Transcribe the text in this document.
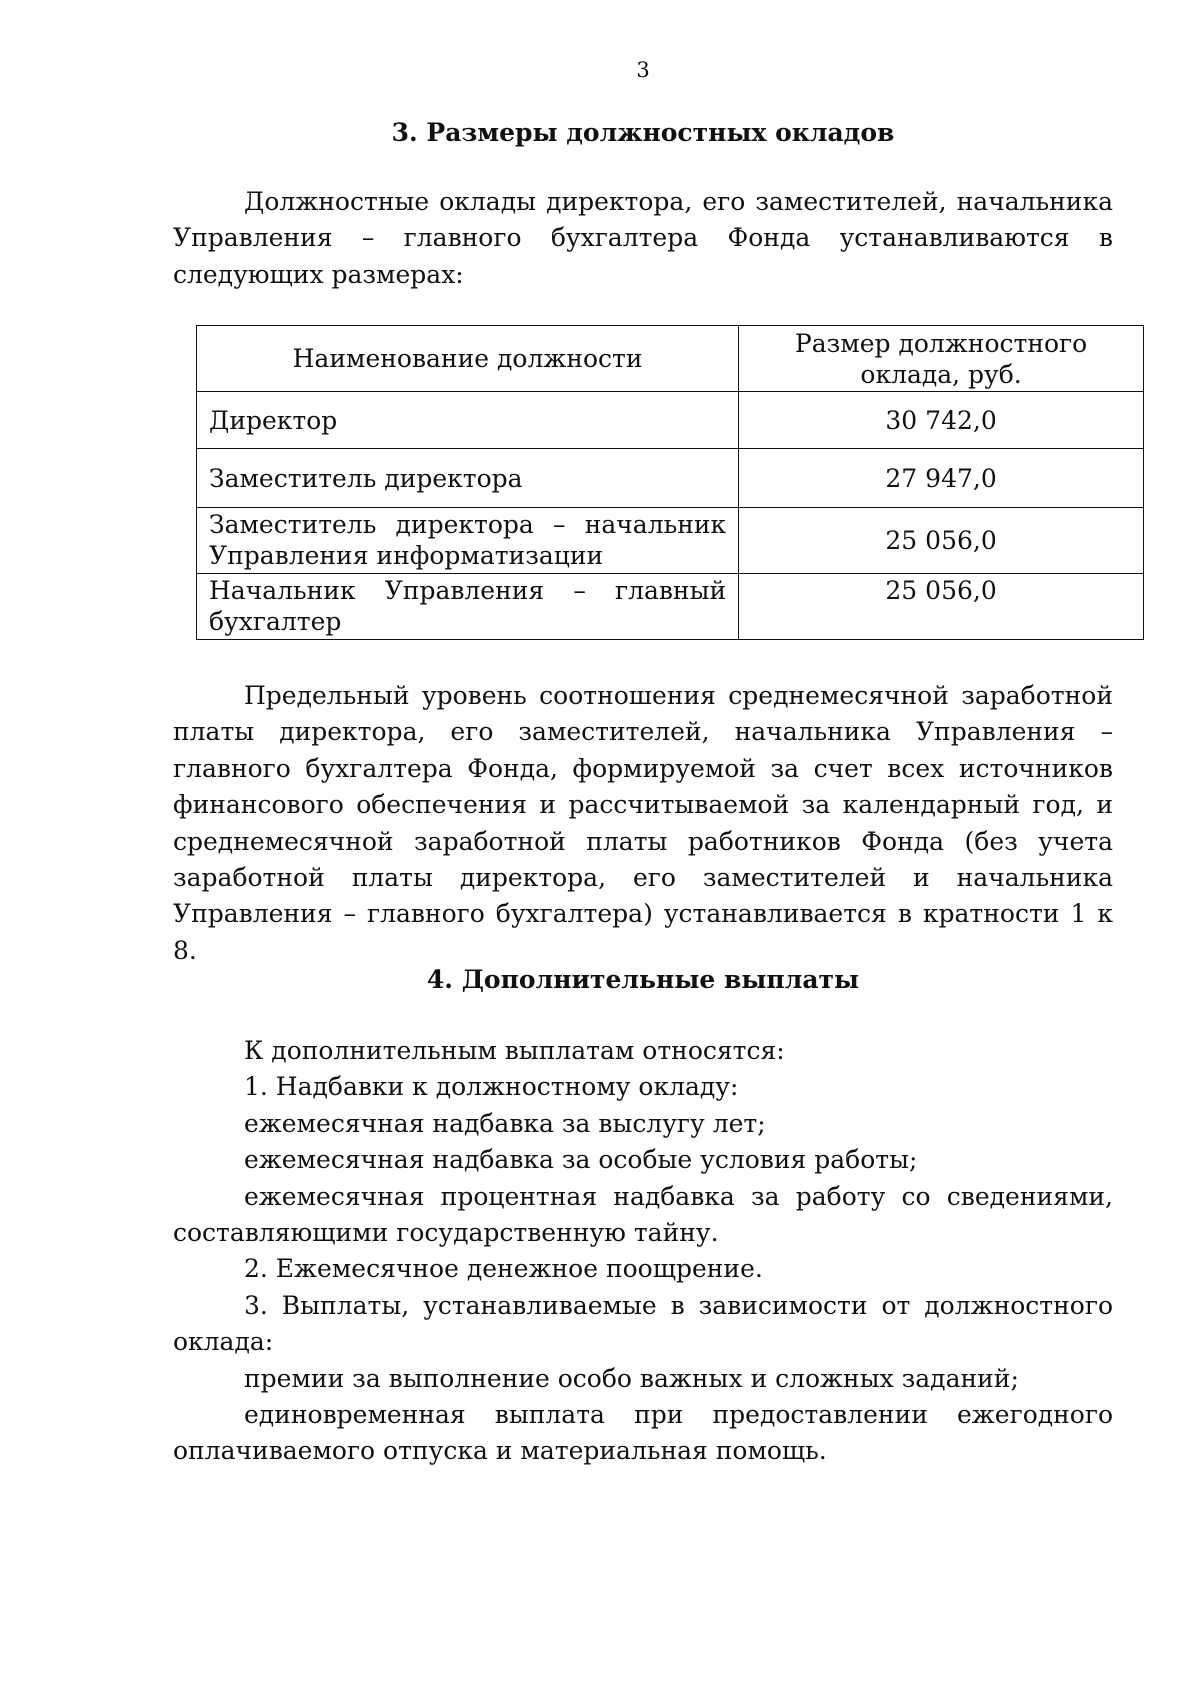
3
3. Размеры должностных окладов

Должностные оклады директора, его заместителей, начальника Управления – главного бухгалтера Фонда устанавливаются в следующих размерах:

Наименование должности	Размер должностного оклада, руб.
Директор	30 742,0
Заместитель директора	27 947,0
Заместитель директора – начальник Управления информатизации	25 056,0
Начальник Управления – главный бухгалтер	25 056,0

Предельный уровень соотношения среднемесячной заработной платы директора, его заместителей, начальника Управления – главного бухгалтера Фонда, формируемой за счет всех источников финансового обеспечения и рассчитываемой за календарный год, и среднемесячной заработной платы работников Фонда (без учета заработной платы директора, его заместителей и начальника Управления – главного бухгалтера) устанавливается в кратности 1 к 8.

4. Дополнительные выплаты

К дополнительным выплатам относятся:

1. Надбавки к должностному окладу:

ежемесячная надбавка за выслугу лет;

ежемесячная надбавка за особые условия работы;

ежемесячная процентная надбавка за работу со сведениями, составляющими государственную тайну.

2. Ежемесячное денежное поощрение.

3. Выплаты, устанавливаемые в зависимости от должностного оклада:

премии за выполнение особо важных и сложных заданий;

единовременная выплата при предоставлении ежегодного оплачиваемого отпуска и материальная помощь.
